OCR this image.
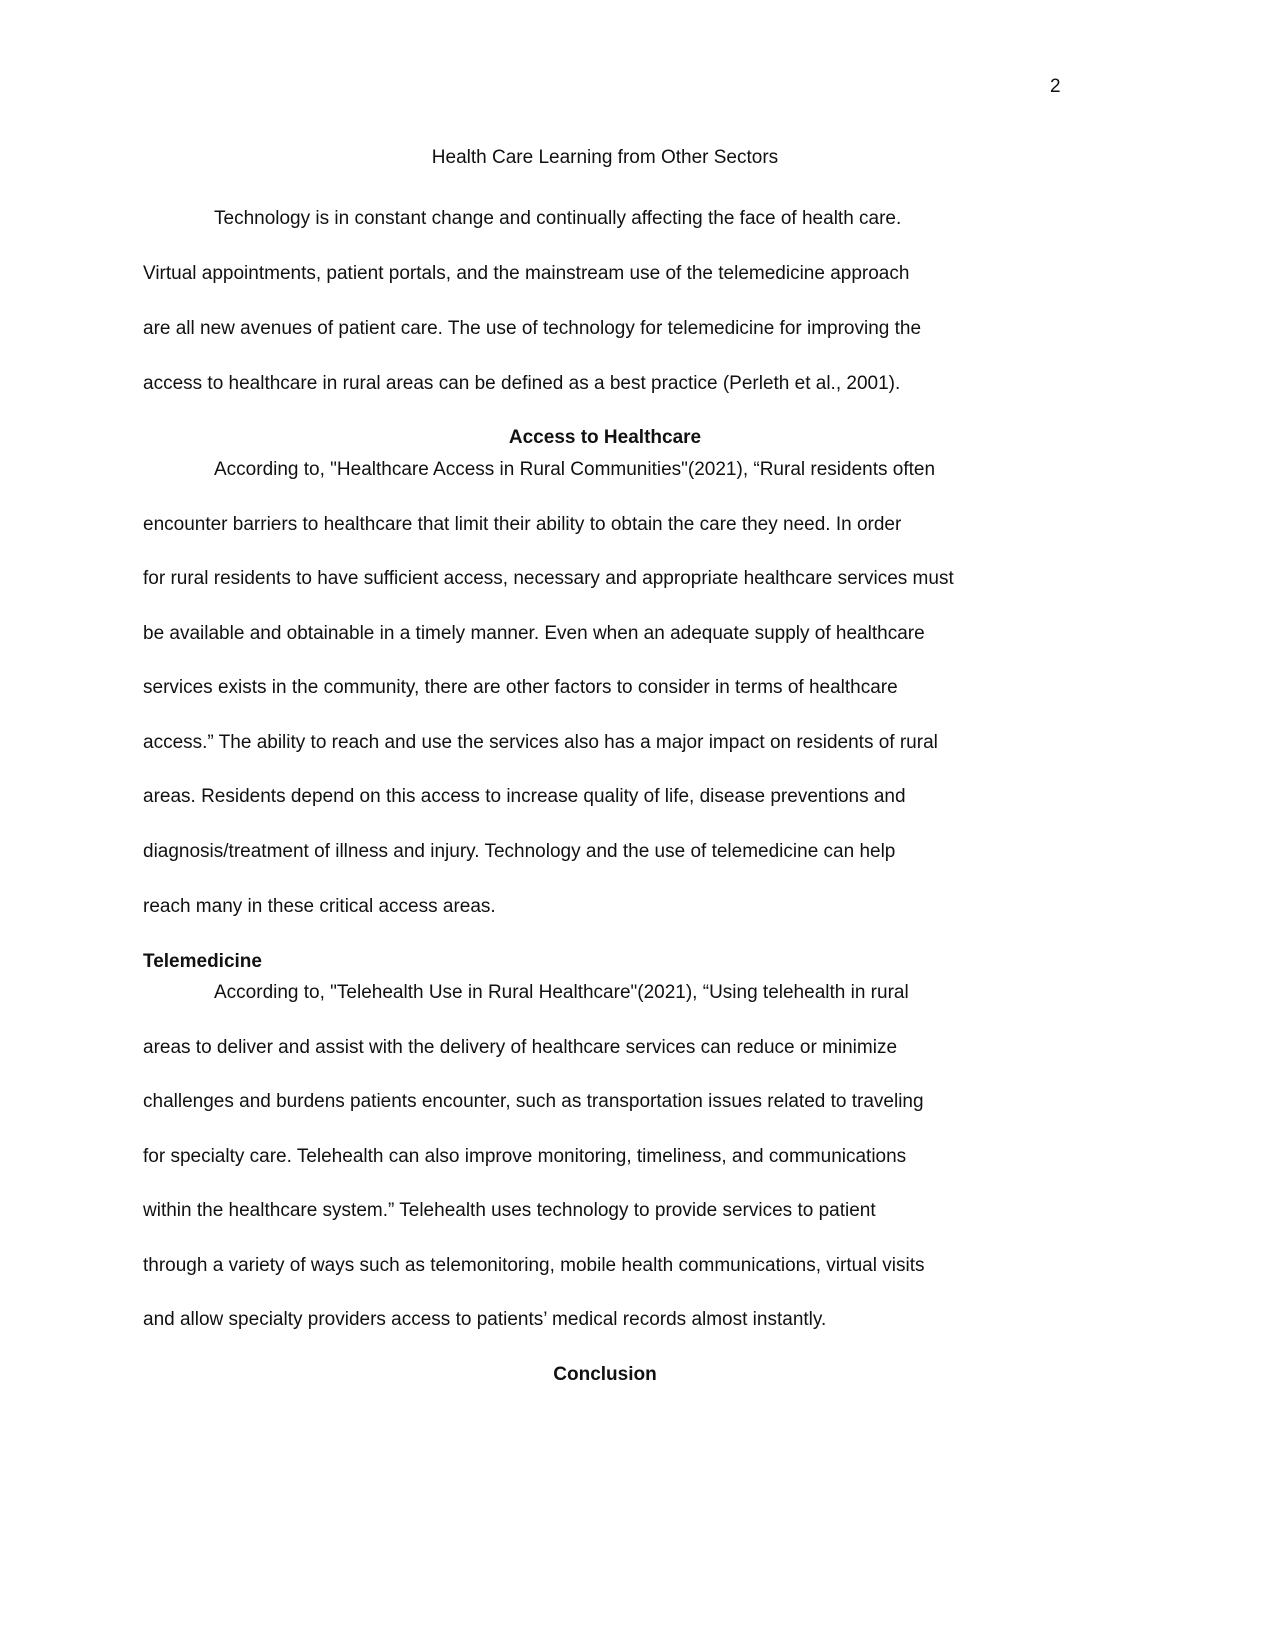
2
Health Care Learning from Other Sectors
Technology is in constant change and continually affecting the face of health care.
Virtual appointments, patient portals, and the mainstream use of the telemedicine approach
are all new avenues of patient care. The use of technology for telemedicine for improving the
access to healthcare in rural areas can be defined as a best practice (Perleth et al., 2001).
Access to Healthcare
According to, "Healthcare Access in Rural Communities"(2021), “Rural residents often
encounter barriers to healthcare that limit their ability to obtain the care they need. In order
for rural residents to have sufficient access, necessary and appropriate healthcare services must
be available and obtainable in a timely manner. Even when an adequate supply of healthcare
services exists in the community, there are other factors to consider in terms of healthcare
access.” The ability to reach and use the services also has a major impact on residents of rural
areas. Residents depend on this access to increase quality of life, disease preventions and
diagnosis/treatment of illness and injury. Technology and the use of telemedicine can help
reach many in these critical access areas.
Telemedicine
According to, "Telehealth Use in Rural Healthcare"(2021), “Using telehealth in rural
areas to deliver and assist with the delivery of healthcare services can reduce or minimize
challenges and burdens patients encounter, such as transportation issues related to traveling
for specialty care. Telehealth can also improve monitoring, timeliness, and communications
within the healthcare system.” Telehealth uses technology to provide services to patient
through a variety of ways such as telemonitoring, mobile health communications, virtual visits
and allow specialty providers access to patients’ medical records almost instantly.
Conclusion
